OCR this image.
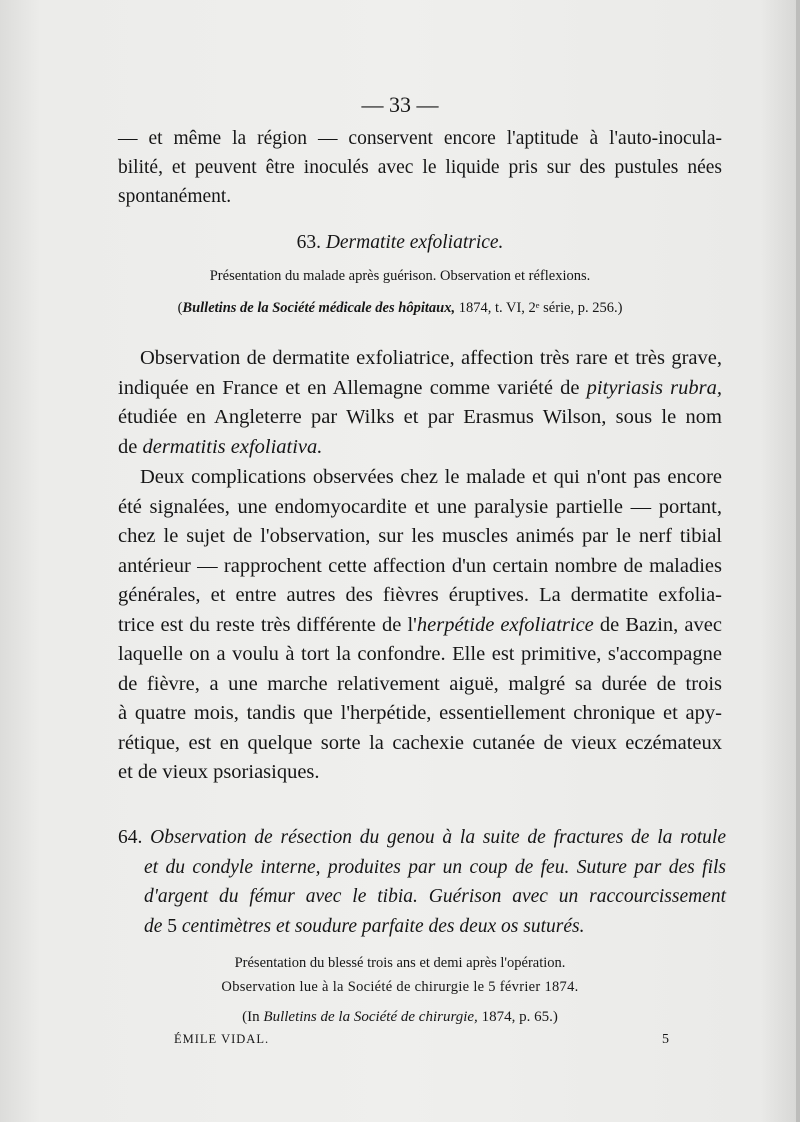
— 33 —
— et même la région — conservent encore l'aptitude à l'auto-inocula-
bilité, et peuvent être inoculés avec le liquide pris sur des pustules nées
spontanément.
63. Dermatite exfoliatrice.
Présentation du malade après guérison. Observation et réflexions.
(Bulletins de la Société médicale des hôpitaux, 1874, t. VI, 2ᵉ série, p. 256.)
Observation de dermatite exfoliatrice, affection très rare et très grave,
indiquée en France et en Allemagne comme variété de pityriasis rubra,
étudiée en Angleterre par Wilks et par Erasmus Wilson, sous le nom
de dermatitis exfoliativa.
Deux complications observées chez le malade et qui n'ont pas encore
été signalées, une endomyocardite et une paralysie partielle — portant,
chez le sujet de l'observation, sur les muscles animés par le nerf tibial
antérieur — rapprochent cette affection d'un certain nombre de maladies
générales, et entre autres des fièvres éruptives. La dermatite exfolia-
trice est du reste très différente de l'herpétide exfoliatrice de Bazin, avec
laquelle on a voulu à tort la confondre. Elle est primitive, s'accompagne
de fièvre, a une marche relativement aiguë, malgré sa durée de trois
à quatre mois, tandis que l'herpétide, essentiellement chronique et apy-
rétique, est en quelque sorte la cachexie cutanée de vieux eczémateux
et de vieux psoriasiques.
64. Observation de résection du genou à la suite de fractures de la rotule
et du condyle interne, produites par un coup de feu. Suture par des fils
d'argent du fémur avec le tibia. Guérison avec un raccourcissement
de 5 centimètres et soudure parfaite des deux os suturés.
Présentation du blessé trois ans et demi après l'opération.
Observation lue à la Société de chirurgie le 5 février 1874.
(In Bulletins de la Société de chirurgie, 1874, p. 65.)
ÉMILE VIDAL.	5
